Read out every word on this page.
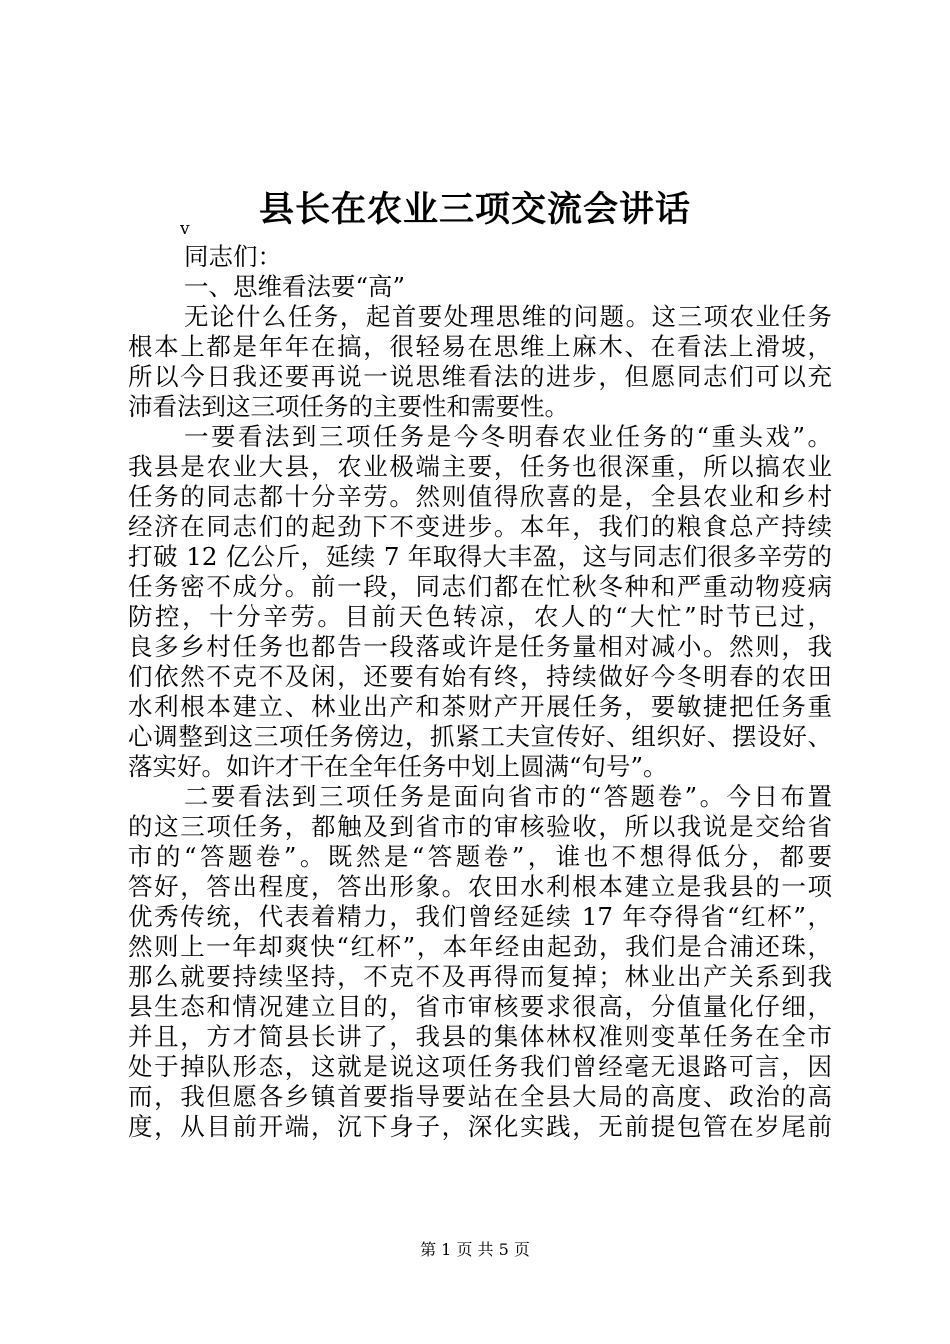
县长在农业三项交流会讲话
v
同志们：
一、思维看法要“高”
无论什么任务，起首要处理思维的问题。这三项农业任务
根本上都是年年在搞，很轻易在思维上麻木、在看法上滑坡，
所以今日我还要再说一说思维看法的进步，但愿同志们可以充
沛看法到这三项任务的主要性和需要性。
一要看法到三项任务是今冬明春农业任务的“重头戏”。
我县是农业大县，农业极端主要，任务也很深重，所以搞农业
任务的同志都十分辛劳。然则值得欣喜的是，全县农业和乡村
经济在同志们的起劲下不变进步。本年，我们的粮食总产持续
打破 12 亿公斤，延续 7 年取得大丰盈，这与同志们很多辛劳的
任务密不成分。前一段，同志们都在忙秋冬种和严重动物疫病
防控，十分辛劳。目前天色转凉，农人的“大忙”时节已过，
良多乡村任务也都告一段落或许是任务量相对减小。然则，我
们依然不克不及闲，还要有始有终，持续做好今冬明春的农田
水利根本建立、林业出产和茶财产开展任务，要敏捷把任务重
心调整到这三项任务傍边，抓紧工夫宣传好、组织好、摆设好、
落实好。如许才干在全年任务中划上圆满“句号”。
二要看法到三项任务是面向省市的“答题卷”。今日布置
的这三项任务，都触及到省市的审核验收，所以我说是交给省
市的“答题卷”。既然是“答题卷”，谁也不想得低分，都要
答好，答出程度，答出形象。农田水利根本建立是我县的一项
优秀传统，代表着精力，我们曾经延续 17 年夺得省“红杯”，
然则上一年却爽快“红杯”，本年经由起劲，我们是合浦还珠，
那么就要持续坚持，不克不及再得而复掉；林业出产关系到我
县生态和情况建立目的，省市审核要求很高，分值量化仔细，
并且，方才简县长讲了，我县的集体林权准则变革任务在全市
处于掉队形态，这就是说这项任务我们曾经毫无退路可言，因
而，我但愿各乡镇首要指导要站在全县大局的高度、政治的高
度，从目前开端，沉下身子，深化实践，无前提包管在岁尾前
第 1 页 共 5 页
